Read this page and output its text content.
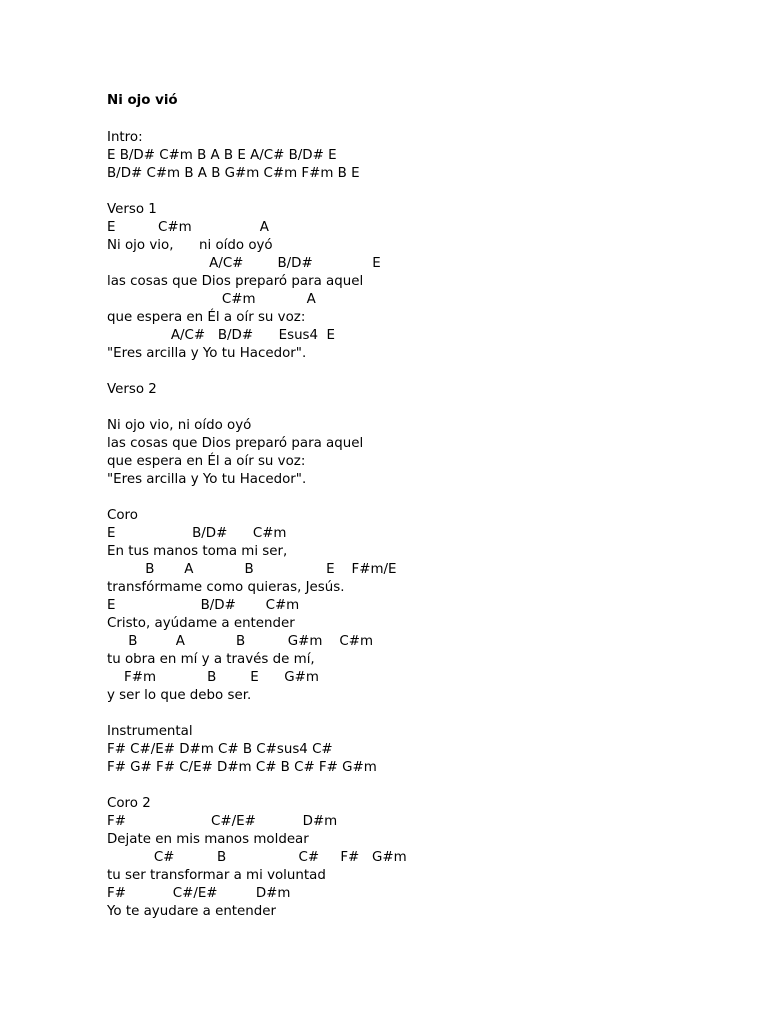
Ni ojo vió
Intro:
E B/D# C#m B A B E A/C# B/D# E
B/D# C#m B A B G#m C#m F#m B E
Verso 1
E          C#m                A
Ni ojo vio,      ni oído oyó
A/C#        B/D#              E
las cosas que Dios preparó para aquel
C#m            A
que espera en Él a oír su voz:
A/C#   B/D#      Esus4  E
"Eres arcilla y Yo tu Hacedor".
Verso 2
Ni ojo vio, ni oído oyó
las cosas que Dios preparó para aquel
que espera en Él a oír su voz:
"Eres arcilla y Yo tu Hacedor".
Coro
E                  B/D#      C#m
En tus manos toma mi ser,
B       A            B                 E    F#m/E
transfórmame como quieras, Jesús.
E                    B/D#       C#m
Cristo, ayúdame a entender
B         A            B          G#m    C#m
tu obra en mí y a través de mí,
F#m            B        E      G#m
y ser lo que debo ser.
Instrumental
F# C#/E# D#m C# B C#sus4 C#
F# G# F# C/E# D#m C# B C# F# G#m
Coro 2
F#                    C#/E#           D#m
Dejate en mis manos moldear
C#          B                 C#     F#   G#m
tu ser transformar a mi voluntad
F#           C#/E#         D#m
Yo te ayudare a entender
